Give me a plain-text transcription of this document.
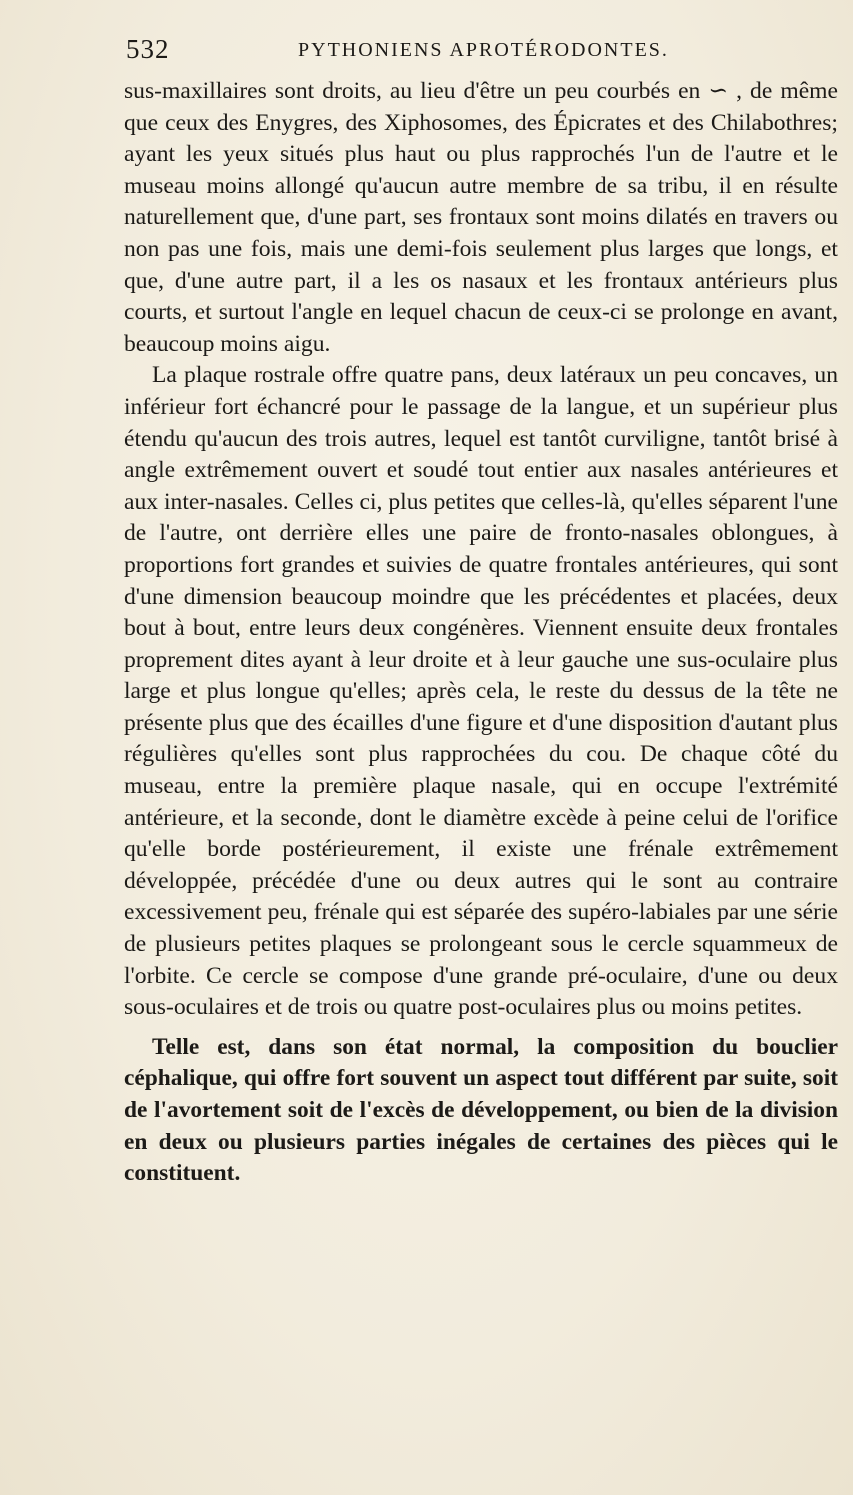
532	PYTHONIENS APROTÉRODONTES.

sus-maxillaires sont droits, au lieu d'être un peu courbés en ∽ , de même que ceux des Enygres, des Xiphosomes, des Épicrates et des Chilabothres; ayant les yeux situés plus haut ou plus rapprochés l'un de l'autre et le museau moins allongé qu'aucun autre membre de sa tribu, il en résulte naturellement que, d'une part, ses frontaux sont moins dilatés en travers ou non pas une fois, mais une demi-fois seulement plus larges que longs, et que, d'une autre part, il a les os nasaux et les frontaux antérieurs plus courts, et surtout l'angle en lequel chacun de ceux-ci se prolonge en avant, beaucoup moins aigu.

La plaque rostrale offre quatre pans, deux latéraux un peu concaves, un inférieur fort échancré pour le passage de la langue, et un supérieur plus étendu qu'aucun des trois autres, lequel est tantôt curviligne, tantôt brisé à angle extrêmement ouvert et soudé tout entier aux nasales antérieures et aux inter-nasales. Celles ci, plus petites que celles-là, qu'elles séparent l'une de l'autre, ont derrière elles une paire de fronto-nasales oblongues, à proportions fort grandes et suivies de quatre frontales antérieures, qui sont d'une dimension beaucoup moindre que les précédentes et placées, deux bout à bout, entre leurs deux congénères. Viennent ensuite deux frontales proprement dites ayant à leur droite et à leur gauche une sus-oculaire plus large et plus longue qu'elles; après cela, le reste du dessus de la tête ne présente plus que des écailles d'une figure et d'une disposition d'autant plus régulières qu'elles sont plus rapprochées du cou. De chaque côté du museau, entre la première plaque nasale, qui en occupe l'extrémité antérieure, et la seconde, dont le diamètre excède à peine celui de l'orifice qu'elle borde postérieurement, il existe une frénale extrêmement développée, précédée d'une ou deux autres qui le sont au contraire excessivement peu, frénale qui est séparée des supéro-labiales par une série de plusieurs petites plaques se prolongeant sous le cercle squammeux de l'orbite. Ce cercle se compose d'une grande pré-oculaire, d'une ou deux sous-oculaires et de trois ou quatre post-oculaires plus ou moins petites.

Telle est, dans son état normal, la composition du bouclier céphalique, qui offre fort souvent un aspect tout différent par suite, soit de l'avortement soit de l'excès de développement, ou bien de la division en deux ou plusieurs parties inégales de certaines des pièces qui le constituent.
